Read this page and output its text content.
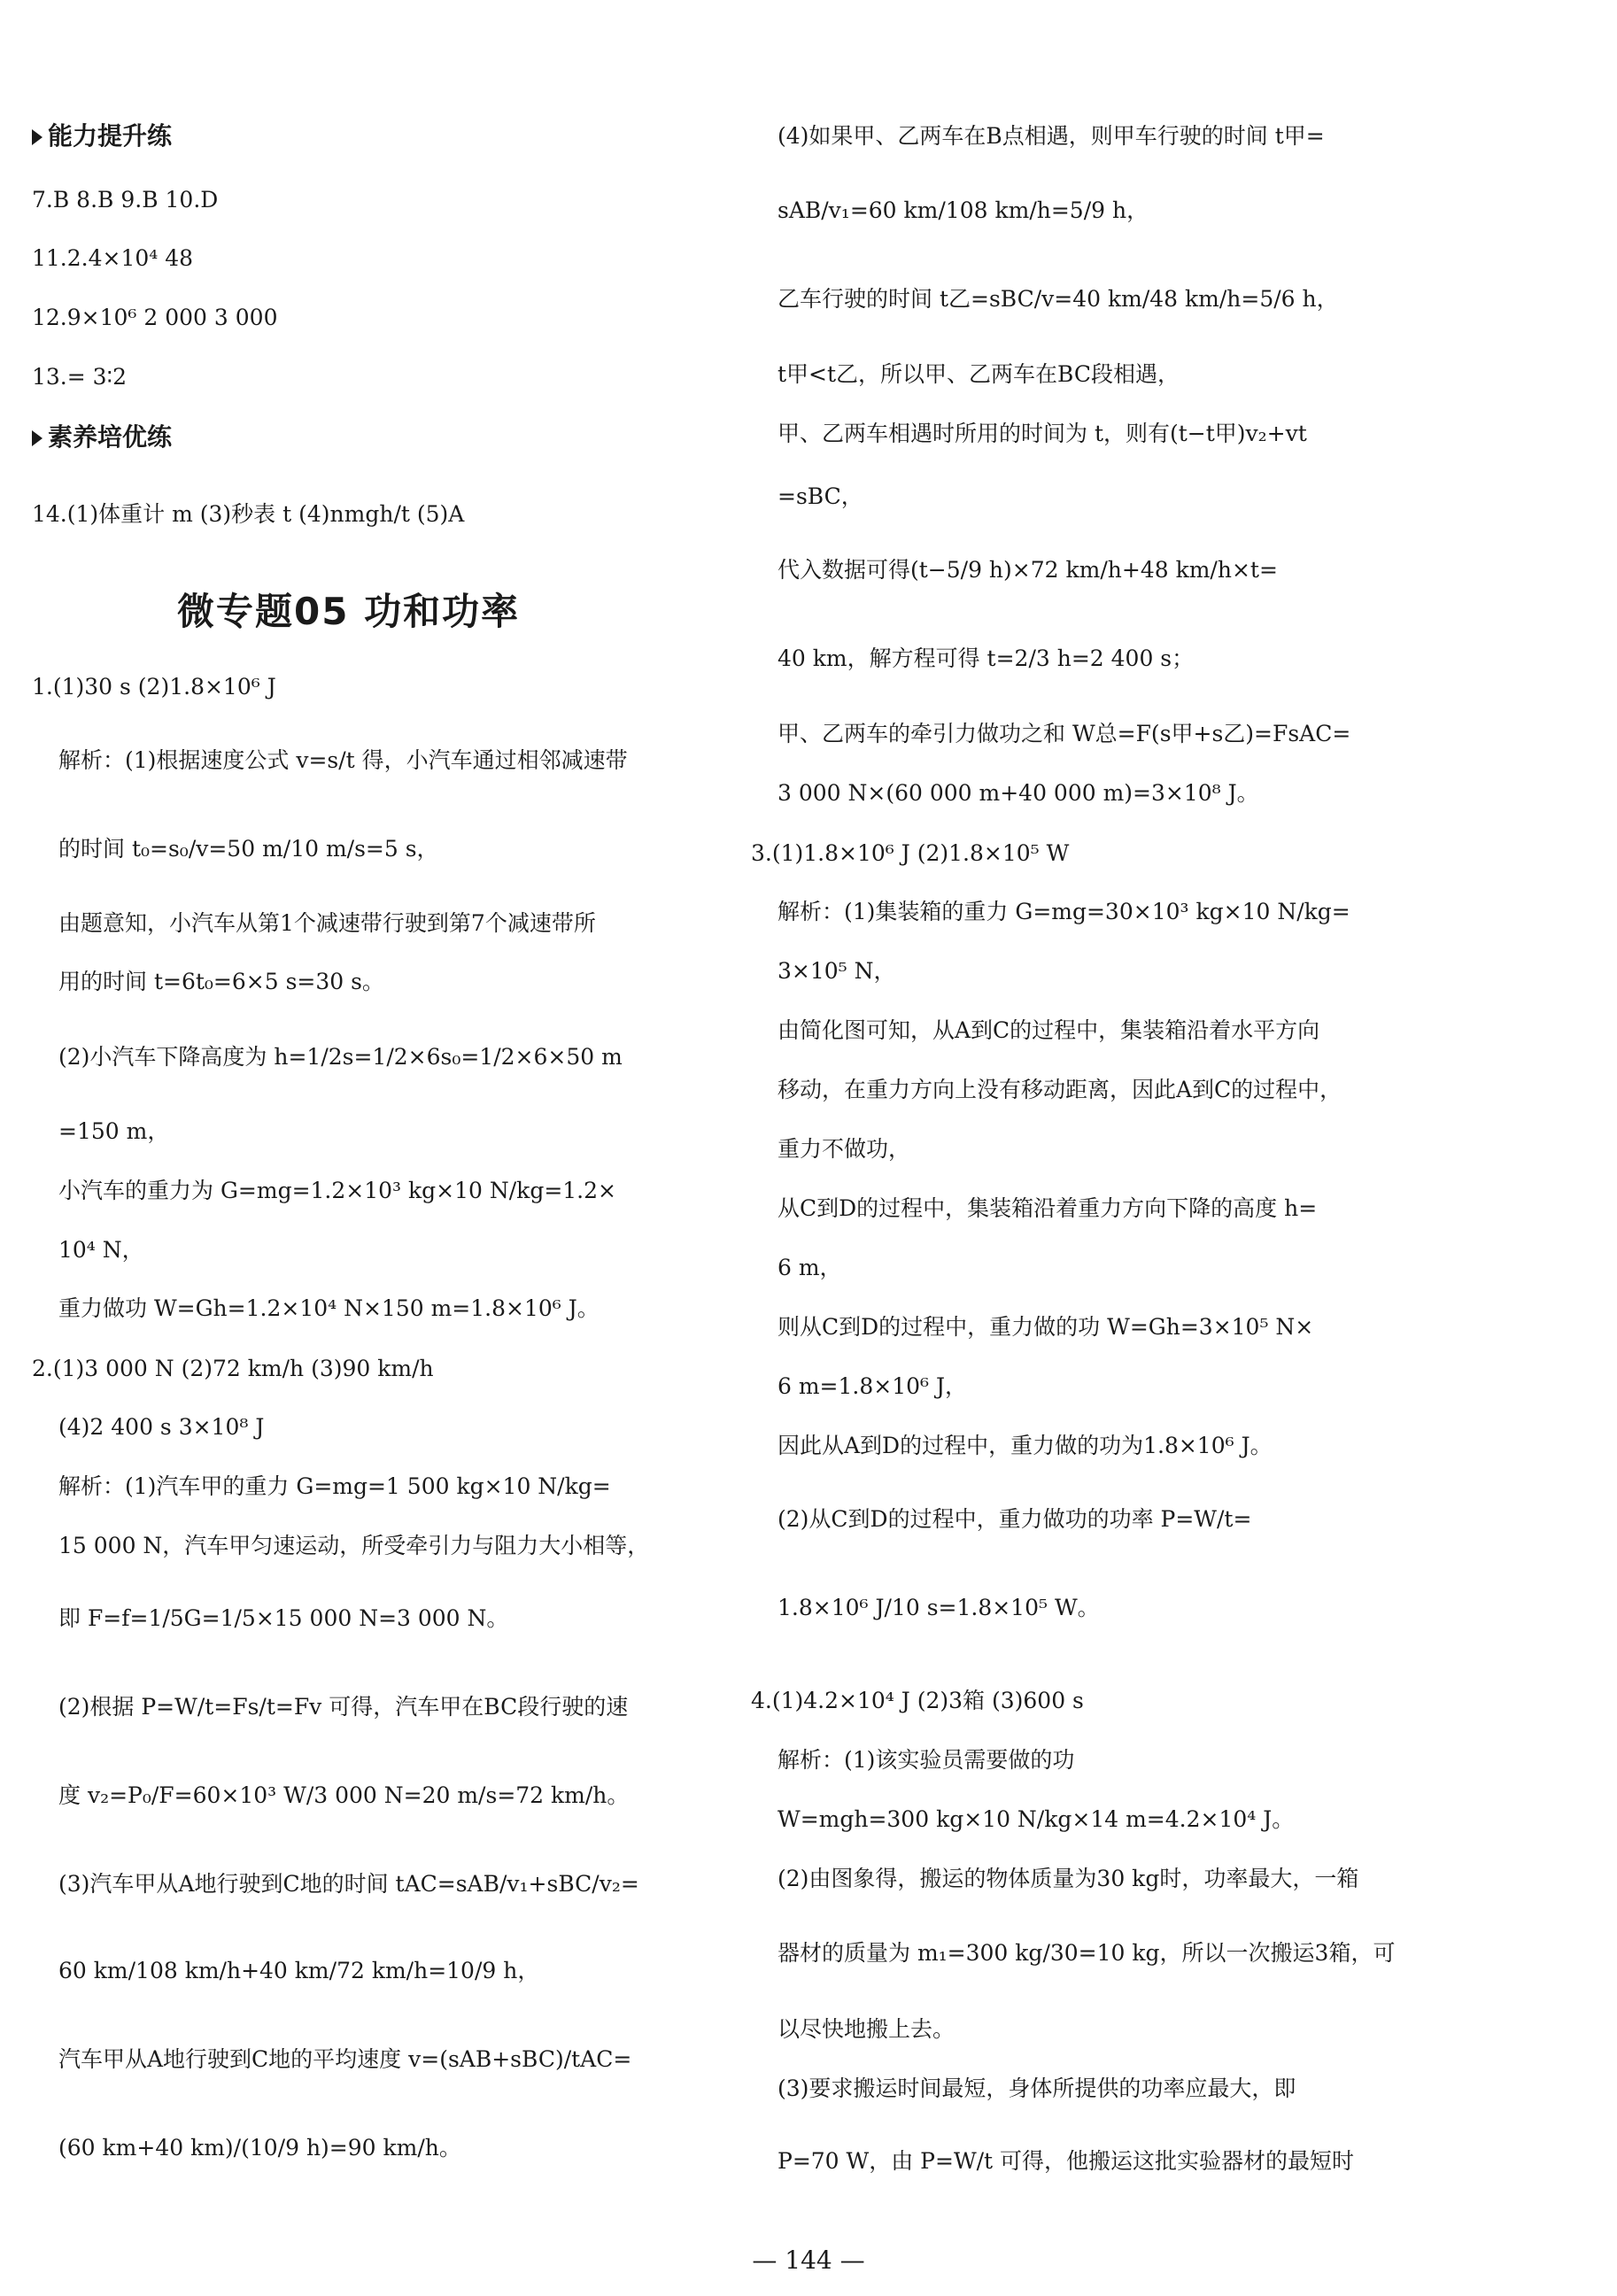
能力提升练
7.B 8.B 9.B 10.D
11.2.4×10⁴ 48
12.9×10⁶ 2 000 3 000
13.= 3∶2
素养培优练
14.(1)体重计 m (3)秒表 t (4)nmgh/t (5)A
微专题05 功和功率
1.(1)30 s (2)1.8×10⁶ J
解析：(1)根据速度公式 v=s/t 得，小汽车通过相邻减速带
的时间 t₀=s₀/v=50 m/10 m/s=5 s，
由题意知，小汽车从第1个减速带行驶到第7个减速带所
用的时间 t=6t₀=6×5 s=30 s。
(2)小汽车下降高度为 h=1/2s=1/2×6s₀=1/2×6×50 m
=150 m，
小汽车的重力为 G=mg=1.2×10³ kg×10 N/kg=1.2×
10⁴ N，
重力做功 W=Gh=1.2×10⁴ N×150 m=1.8×10⁶ J。
2.(1)3 000 N (2)72 km/h (3)90 km/h
(4)2 400 s 3×10⁸ J
解析：(1)汽车甲的重力 G=mg=1 500 kg×10 N/kg=
15 000 N，汽车甲匀速运动，所受牵引力与阻力大小相等，
即 F=f=1/5G=1/5×15 000 N=3 000 N。
(2)根据 P=W/t=Fs/t=Fv 可得，汽车甲在BC段行驶的速
度 v₂=P₀/F=60×10³ W/3 000 N=20 m/s=72 km/h。
(3)汽车甲从A地行驶到C地的时间 tAC=sAB/v₁+sBC/v₂=
60 km/108 km/h+40 km/72 km/h=10/9 h，
汽车甲从A地行驶到C地的平均速度 v=(sAB+sBC)/tAC=
(60 km+40 km)/(10/9 h)=90 km/h。
(4)如果甲、乙两车在B点相遇，则甲车行驶的时间 t甲=
sAB/v₁=60 km/108 km/h=5/9 h，
乙车行驶的时间 t乙=sBC/v=40 km/48 km/h=5/6 h，
t甲<t乙，所以甲、乙两车在BC段相遇，
甲、乙两车相遇时所用的时间为 t，则有(t−t甲)v₂+vt
=sBC，
代入数据可得(t−5/9 h)×72 km/h+48 km/h×t=
40 km，解方程可得 t=2/3 h=2 400 s；
甲、乙两车的牵引力做功之和 W总=F(s甲+s乙)=FsAC=
3 000 N×(60 000 m+40 000 m)=3×10⁸ J。
3.(1)1.8×10⁶ J (2)1.8×10⁵ W
解析：(1)集装箱的重力 G=mg=30×10³ kg×10 N/kg=
3×10⁵ N，
由简化图可知，从A到C的过程中，集装箱沿着水平方向
移动，在重力方向上没有移动距离，因此A到C的过程中，
重力不做功，
从C到D的过程中，集装箱沿着重力方向下降的高度 h=
6 m，
则从C到D的过程中，重力做的功 W=Gh=3×10⁵ N×
6 m=1.8×10⁶ J，
因此从A到D的过程中，重力做的功为1.8×10⁶ J。
(2)从C到D的过程中，重力做功的功率 P=W/t=
1.8×10⁶ J/10 s=1.8×10⁵ W。
4.(1)4.2×10⁴ J (2)3箱 (3)600 s
解析：(1)该实验员需要做的功
W=mgh=300 kg×10 N/kg×14 m=4.2×10⁴ J。
(2)由图象得，搬运的物体质量为30 kg时，功率最大，一箱
器材的质量为 m₁=300 kg/30=10 kg，所以一次搬运3箱，可
以尽快地搬上去。
(3)要求搬运时间最短，身体所提供的功率应最大，即
P=70 W，由 P=W/t 可得，他搬运这批实验器材的最短时
— 144 —
